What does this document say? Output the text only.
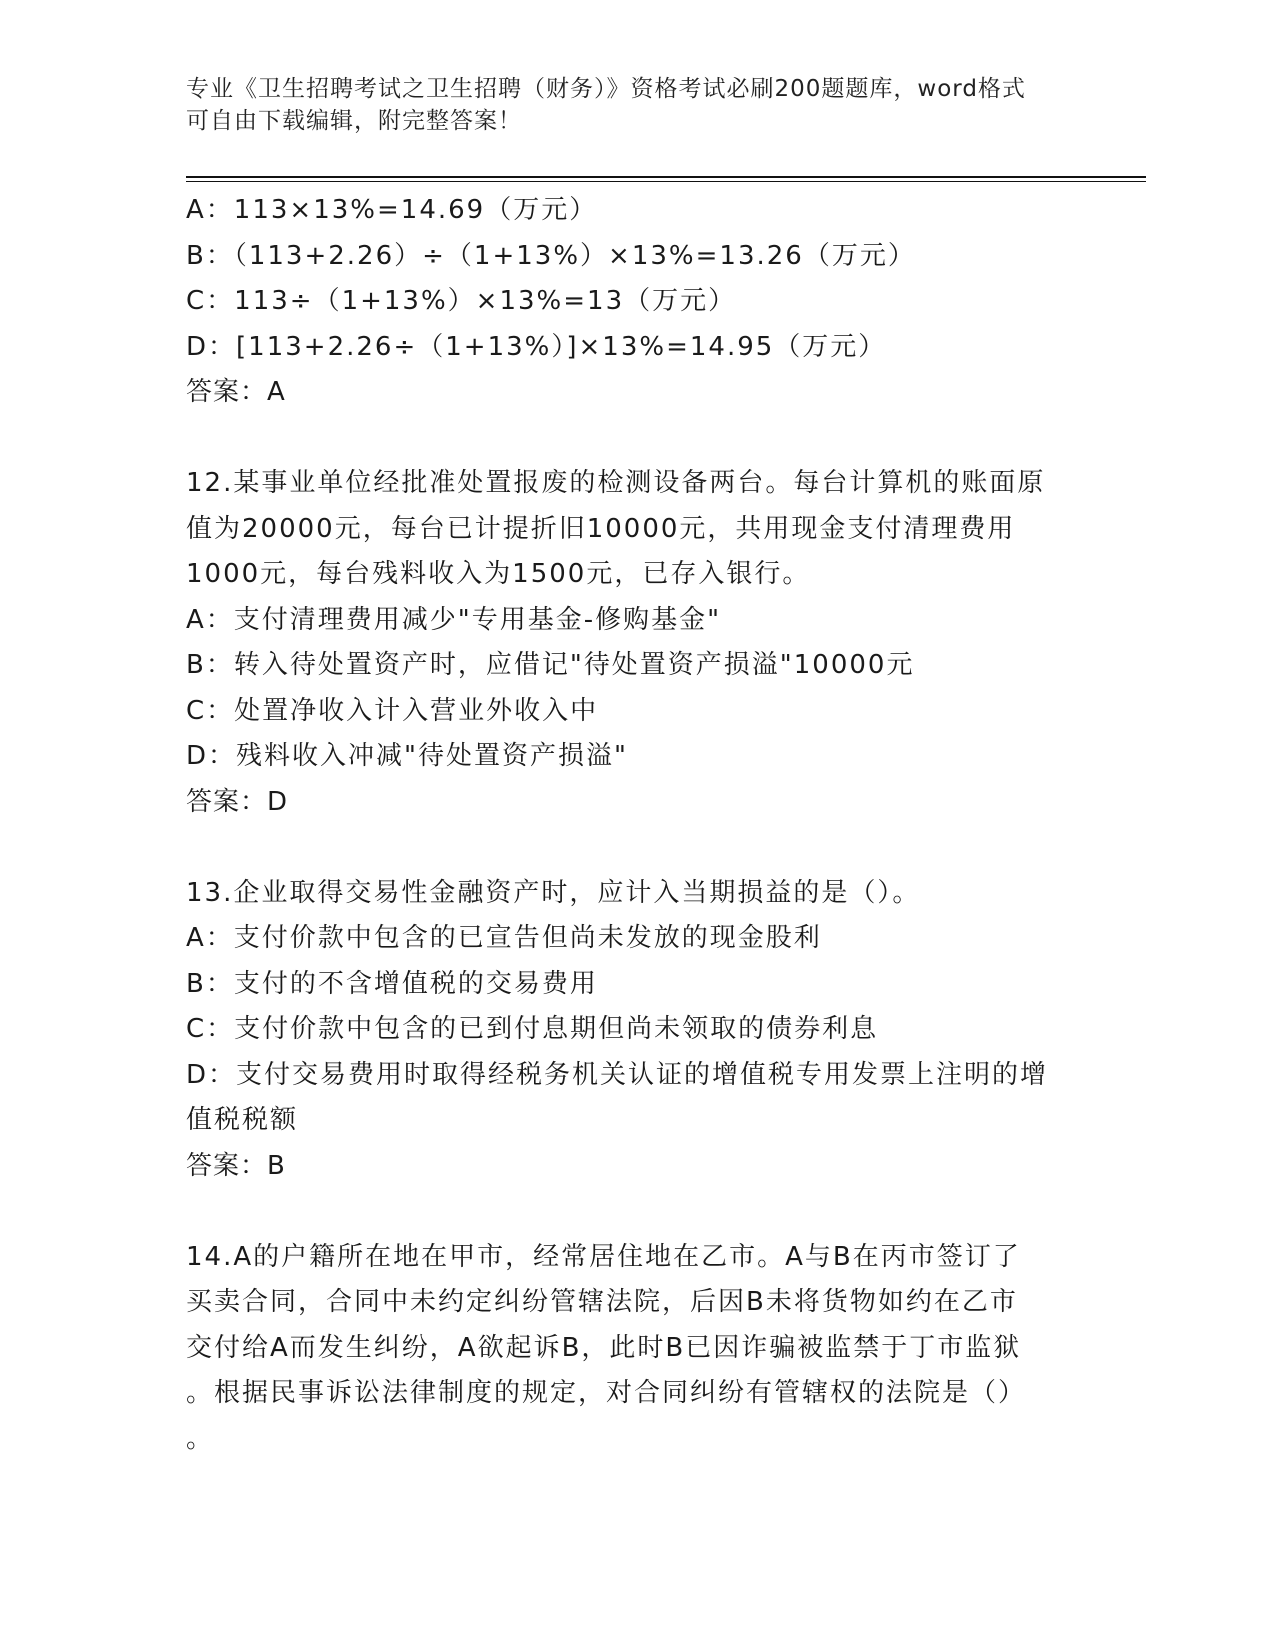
专业《卫生招聘考试之卫生招聘（财务）》资格考试必刷200题题库，word格式
可自由下载编辑，附完整答案！
A：113×13%=14.69（万元）
B：（113+2.26）÷（1+13%）×13%=13.26（万元）
C：113÷（1+13%）×13%=13（万元）
D：[113+2.26÷（1+13%）]×13%=14.95（万元）
答案：A
12.某事业单位经批准处置报废的检测设备两台。每台计算机的账面原
值为20000元，每台已计提折旧10000元，共用现金支付清理费用
1000元，每台残料收入为1500元，已存入银行。
A：支付清理费用减少"专用基金-修购基金"
B：转入待处置资产时，应借记"待处置资产损溢"10000元
C：处置净收入计入营业外收入中
D：残料收入冲减"待处置资产损溢"
答案：D
13.企业取得交易性金融资产时，应计入当期损益的是（）。
A：支付价款中包含的已宣告但尚未发放的现金股利
B：支付的不含增值税的交易费用
C：支付价款中包含的已到付息期但尚未领取的债券利息
D：支付交易费用时取得经税务机关认证的增值税专用发票上注明的增
值税税额
答案：B
14.A的户籍所在地在甲市，经常居住地在乙市。A与B在丙市签订了
买卖合同，合同中未约定纠纷管辖法院，后因B未将货物如约在乙市
交付给A而发生纠纷，A欲起诉B，此时B已因诈骗被监禁于丁市监狱
。根据民事诉讼法律制度的规定，对合同纠纷有管辖权的法院是（）
。
